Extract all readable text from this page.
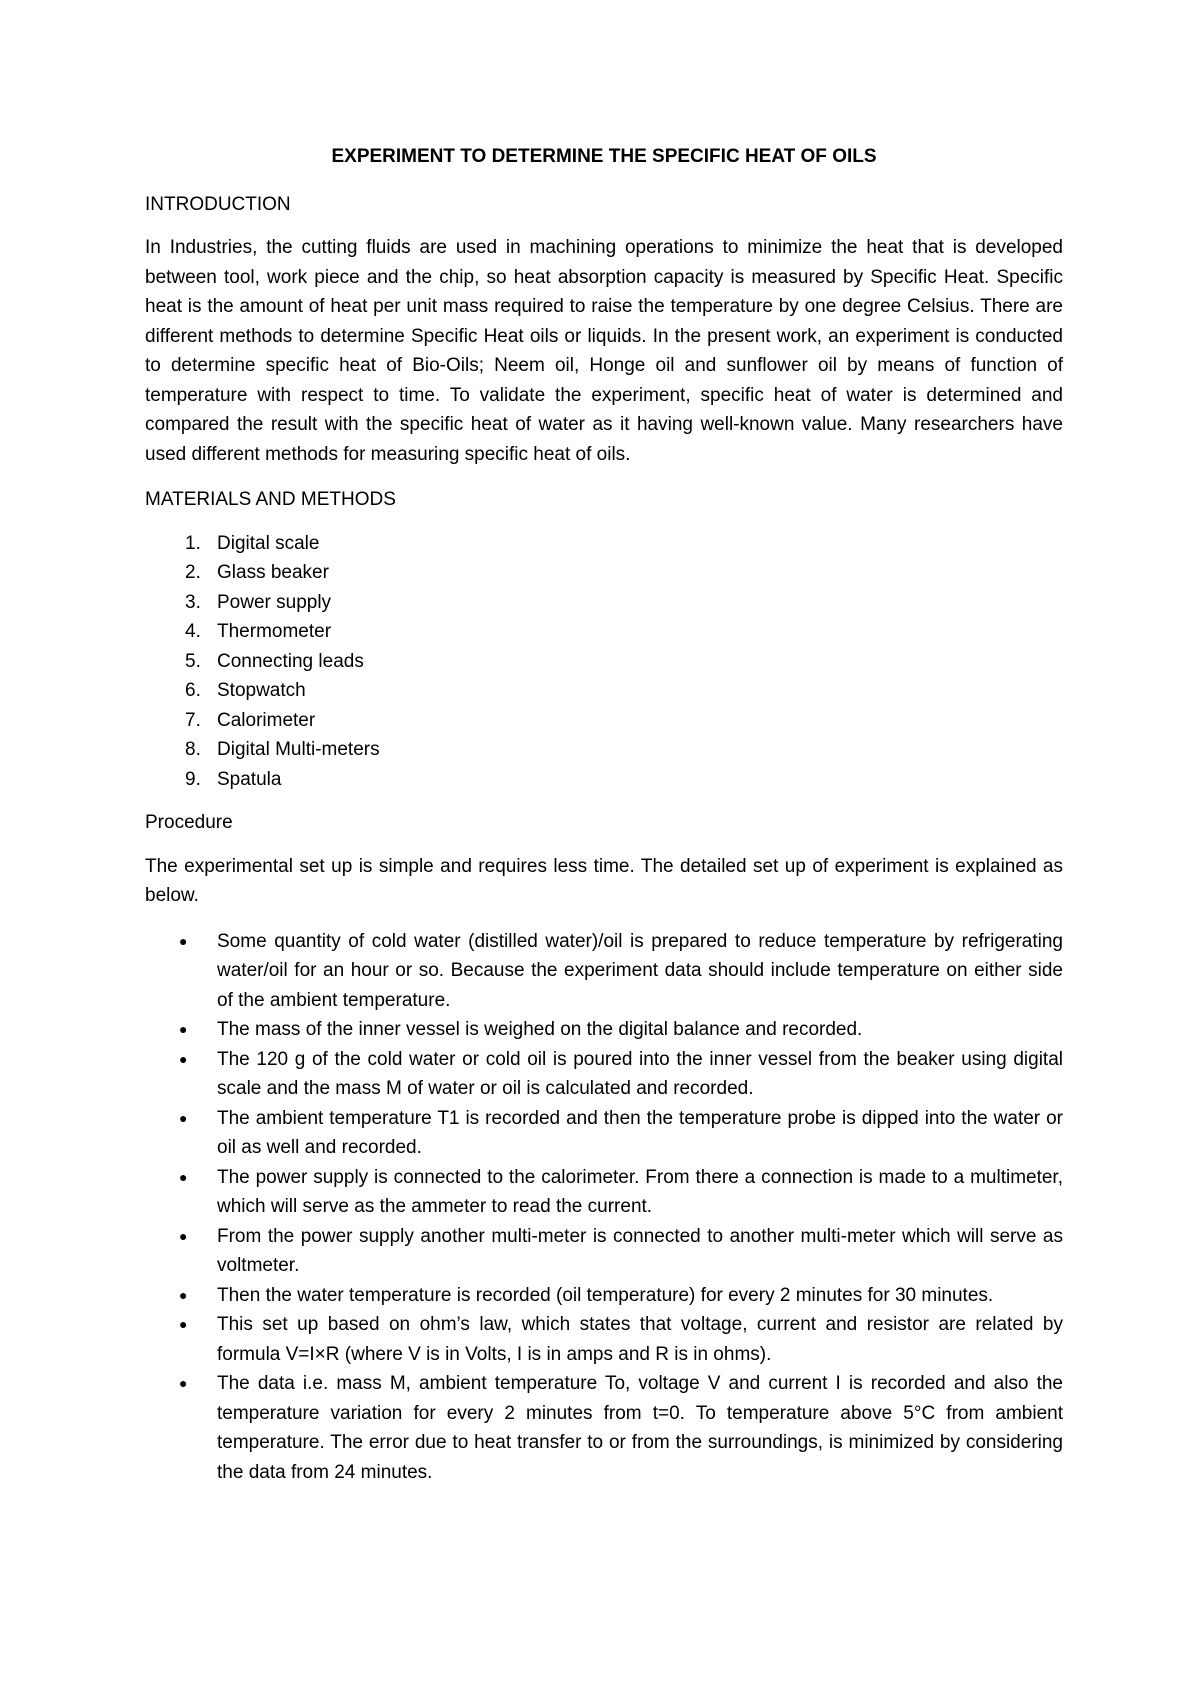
EXPERIMENT TO DETERMINE THE SPECIFIC HEAT OF OILS
INTRODUCTION
In Industries, the cutting fluids are used in machining operations to minimize the heat that is developed between tool, work piece and the chip, so heat absorption capacity is measured by Specific Heat. Specific heat is the amount of heat per unit mass required to raise the temperature by one degree Celsius. There are different methods to determine Specific Heat oils or liquids. In the present work, an experiment is conducted to determine specific heat of Bio-Oils; Neem oil, Honge oil and sunflower oil by means of function of temperature with respect to time. To validate the experiment, specific heat of water is determined and compared the result with the specific heat of water as it having well-known value. Many researchers have used different methods for measuring specific heat of oils.
MATERIALS AND METHODS
1. Digital scale
2. Glass beaker
3. Power supply
4. Thermometer
5. Connecting leads
6. Stopwatch
7. Calorimeter
8. Digital Multi-meters
9. Spatula
Procedure
The experimental set up is simple and requires less time. The detailed set up of experiment is explained as below.
●	Some quantity of cold water (distilled water)/oil is prepared to reduce temperature by refrigerating water/oil for an hour or so. Because the experiment data should include temperature on either side of the ambient temperature.
●	The mass of the inner vessel is weighed on the digital balance and recorded.
●	The 120 g of the cold water or cold oil is poured into the inner vessel from the beaker using digital scale and the mass M of water or oil is calculated and recorded.
●	The ambient temperature T1 is recorded and then the temperature probe is dipped into the water or oil as well and recorded.
●	The power supply is connected to the calorimeter. From there a connection is made to a multimeter, which will serve as the ammeter to read the current.
●	From the power supply another multi-meter is connected to another multi-meter which will serve as voltmeter.
●	Then the water temperature is recorded (oil temperature) for every 2 minutes for 30 minutes.
●	This set up based on ohm’s law, which states that voltage, current and resistor are related by formula V=I×R (where V is in Volts, I is in amps and R is in ohms).
●	The data i.e. mass M, ambient temperature To, voltage V and current I is recorded and also the temperature variation for every 2 minutes from t=0. To temperature above 5°C from ambient temperature. The error due to heat transfer to or from the surroundings, is minimized by considering the data from 24 minutes.
